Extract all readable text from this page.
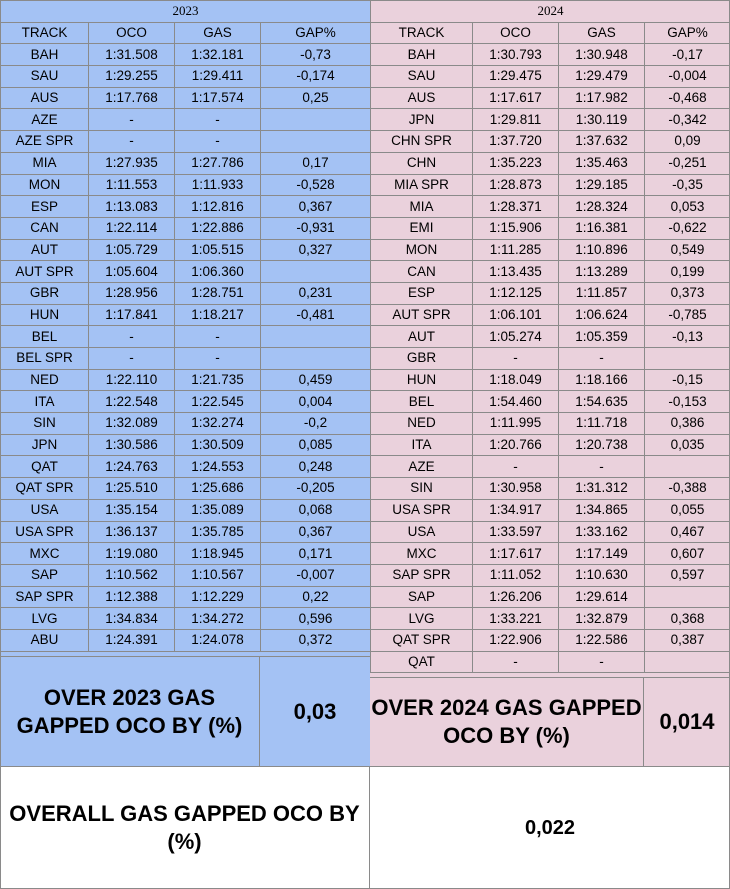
2023			
TRACK	OCO	GAS	GAP%
BAH	1:31.508	1:32.181	-0,73
SAU	1:29.255	1:29.411	-0,174
AUS	1:17.768	1:17.574	0,25
AZE	-	-	
AZE SPR	-	-	
MIA	1:27.935	1:27.786	0,17
MON	1:11.553	1:11.933	-0,528
ESP	1:13.083	1:12.816	0,367
CAN	1:22.114	1:22.886	-0,931
AUT	1:05.729	1:05.515	0,327
AUT SPR	1:05.604	1:06.360	
GBR	1:28.956	1:28.751	0,231
HUN	1:17.841	1:18.217	-0,481
BEL	-	-	
BEL SPR	-	-	
NED	1:22.110	1:21.735	0,459
ITA	1:22.548	1:22.545	0,004
SIN	1:32.089	1:32.274	-0,2
JPN	1:30.586	1:30.509	0,085
QAT	1:24.763	1:24.553	0,248
QAT SPR	1:25.510	1:25.686	-0,205
USA	1:35.154	1:35.089	0,068
USA SPR	1:36.137	1:35.785	0,367
MXC	1:19.080	1:18.945	0,171
SAP	1:10.562	1:10.567	-0,007
SAP SPR	1:12.388	1:12.229	0,22
LVG	1:34.834	1:34.272	0,596
ABU	1:24.391	1:24.078	0,372
OVER 2023 GAS GAPPED OCO BY (%)
0,03
2024			
TRACK	OCO	GAS	GAP%
BAH	1:30.793	1:30.948	-0,17
SAU	1:29.475	1:29.479	-0,004
AUS	1:17.617	1:17.982	-0,468
JPN	1:29.811	1:30.119	-0,342
CHN SPR	1:37.720	1:37.632	0,09
CHN	1:35.223	1:35.463	-0,251
MIA SPR	1:28.873	1:29.185	-0,35
MIA	1:28.371	1:28.324	0,053
EMI	1:15.906	1:16.381	-0,622
MON	1:11.285	1:10.896	0,549
CAN	1:13.435	1:13.289	0,199
ESP	1:12.125	1:11.857	0,373
AUT SPR	1:06.101	1:06.624	-0,785
AUT	1:05.274	1:05.359	-0,13
GBR	-	-	
HUN	1:18.049	1:18.166	-0,15
BEL	1:54.460	1:54.635	-0,153
NED	1:11.995	1:11.718	0,386
ITA	1:20.766	1:20.738	0,035
AZE	-	-	
SIN	1:30.958	1:31.312	-0,388
USA SPR	1:34.917	1:34.865	0,055
USA	1:33.597	1:33.162	0,467
MXC	1:17.617	1:17.149	0,607
SAP SPR	1:11.052	1:10.630	0,597
SAP	1:26.206	1:29.614	
LVG	1:33.221	1:32.879	0,368
QAT SPR	1:22.906	1:22.586	0,387
QAT	-	-	
OVER 2024 GAS GAPPED OCO BY (%)
0,014
OVERALL GAS GAPPED OCO BY (%)
0,022
